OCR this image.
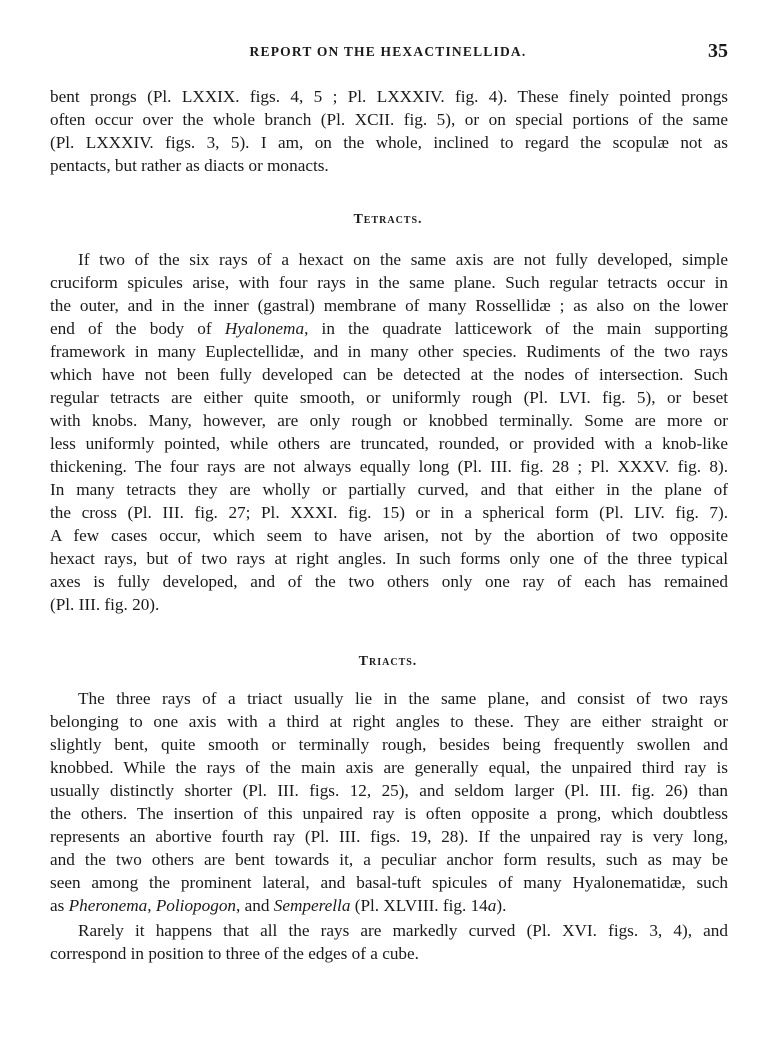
REPORT ON THE HEXACTINELLIDA.	35
bent prongs (Pl. LXXIX. figs. 4, 5 ; Pl. LXXXIV. fig. 4). These finely pointed prongs
often occur over the whole branch (Pl. XCII. fig. 5), or on special portions of the same
(Pl. LXXXIV. figs. 3, 5). I am, on the whole, inclined to regard the scopulæ not as
pentacts, but rather as diacts or monacts.
Tetracts.
If two of the six rays of a hexact on the same axis are not fully developed, simple
cruciform spicules arise, with four rays in the same plane. Such regular tetracts occur in
the outer, and in the inner (gastral) membrane of many Rossellidæ ; as also on the lower
end of the body of Hyalonema, in the quadrate latticework of the main supporting
framework in many Euplectellidæ, and in many other species. Rudiments of the two rays
which have not been fully developed can be detected at the nodes of intersection. Such
regular tetracts are either quite smooth, or uniformly rough (Pl. LVI. fig. 5), or beset
with knobs. Many, however, are only rough or knobbed terminally. Some are more or
less uniformly pointed, while others are truncated, rounded, or provided with a knob-like
thickening. The four rays are not always equally long (Pl. III. fig. 28 ; Pl. XXXV. fig. 8).
In many tetracts they are wholly or partially curved, and that either in the plane of
the cross (Pl. III. fig. 27; Pl. XXXI. fig. 15) or in a spherical form (Pl. LIV. fig. 7).
A few cases occur, which seem to have arisen, not by the abortion of two opposite
hexact rays, but of two rays at right angles. In such forms only one of the three typical
axes is fully developed, and of the two others only one ray of each has remained
(Pl. III. fig. 20).
Triacts.
The three rays of a triact usually lie in the same plane, and consist of two rays
belonging to one axis with a third at right angles to these. They are either straight or
slightly bent, quite smooth or terminally rough, besides being frequently swollen and
knobbed. While the rays of the main axis are generally equal, the unpaired third ray is
usually distinctly shorter (Pl. III. figs. 12, 25), and seldom larger (Pl. III. fig. 26) than
the others. The insertion of this unpaired ray is often opposite a prong, which doubtless
represents an abortive fourth ray (Pl. III. figs. 19, 28). If the unpaired ray is very long,
and the two others are bent towards it, a peculiar anchor form results, such as may be
seen among the prominent lateral, and basal-tuft spicules of many Hyalonematidæ, such
as Pheronema, Poliopogon, and Semperella (Pl. XLVIII. fig. 14a).
Rarely it happens that all the rays are markedly curved (Pl. XVI. figs. 3, 4), and
correspond in position to three of the edges of a cube.
